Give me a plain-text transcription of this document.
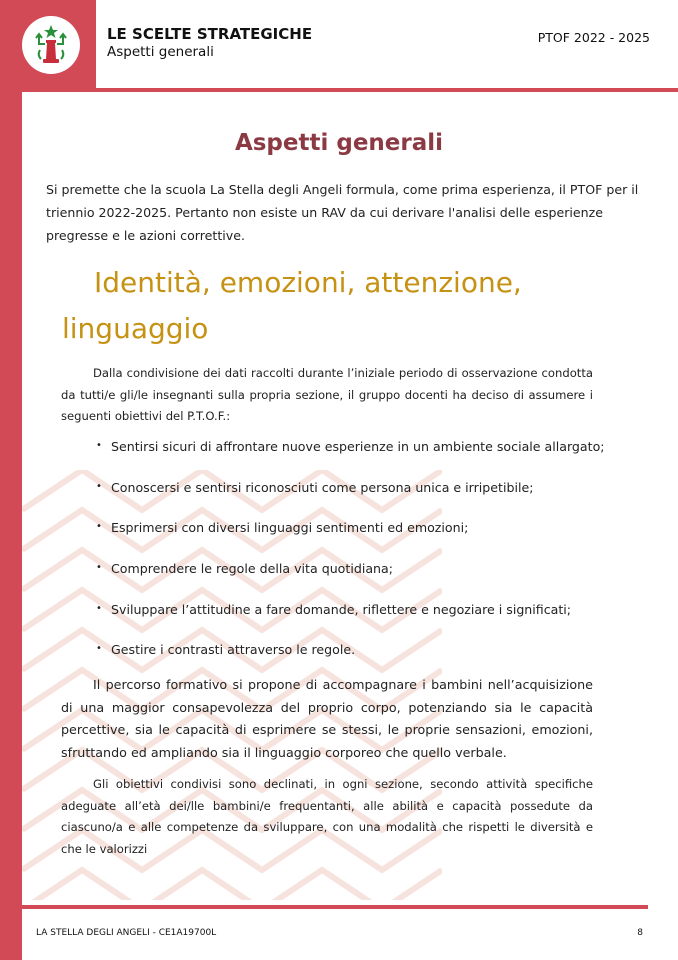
LE SCELTE STRATEGICHE
Aspetti generali
PTOF 2022 - 2025
Aspetti generali

Si premette che la scuola La Stella degli Angeli formula, come prima esperienza, il PTOF per il triennio 2022-2025. Pertanto non esiste un RAV da cui derivare l'analisi delle esperienze pregresse e le azioni correttive.

Identità, emozioni, attenzione, linguaggio

Dalla condivisione dei dati raccolti durante l’iniziale periodo di osservazione condotta da tutti/e gli/le insegnanti sulla propria sezione, il gruppo docenti ha deciso di assumere i seguenti obiettivi del P.T.O.F.:

• Sentirsi sicuri di affrontare nuove esperienze in un ambiente sociale allargato;
• Conoscersi e sentirsi riconosciuti come persona unica e irripetibile;
• Esprimersi con diversi linguaggi sentimenti ed emozioni;
• Comprendere le regole della vita quotidiana;
• Sviluppare l’attitudine a fare domande, riflettere e negoziare i significati;
• Gestire i contrasti attraverso le regole.

Il percorso formativo si propone di accompagnare i bambini nell’acquisizione di una maggior consapevolezza del proprio corpo, potenziando sia le capacità percettive, sia le capacità di esprimere se stessi, le proprie sensazioni, emozioni, sfruttando ed ampliando sia il linguaggio corporeo che quello verbale.

Gli obiettivi condivisi sono declinati, in ogni sezione, secondo attività specifiche adeguate all’età dei/lle bambini/e frequentanti, alle abilità e capacità possedute da ciascuno/a e alle competenze da sviluppare, con una modalità che rispetti le diversità e che le valorizzi

LA STELLA DEGLI ANGELI - CE1A19700L	8
